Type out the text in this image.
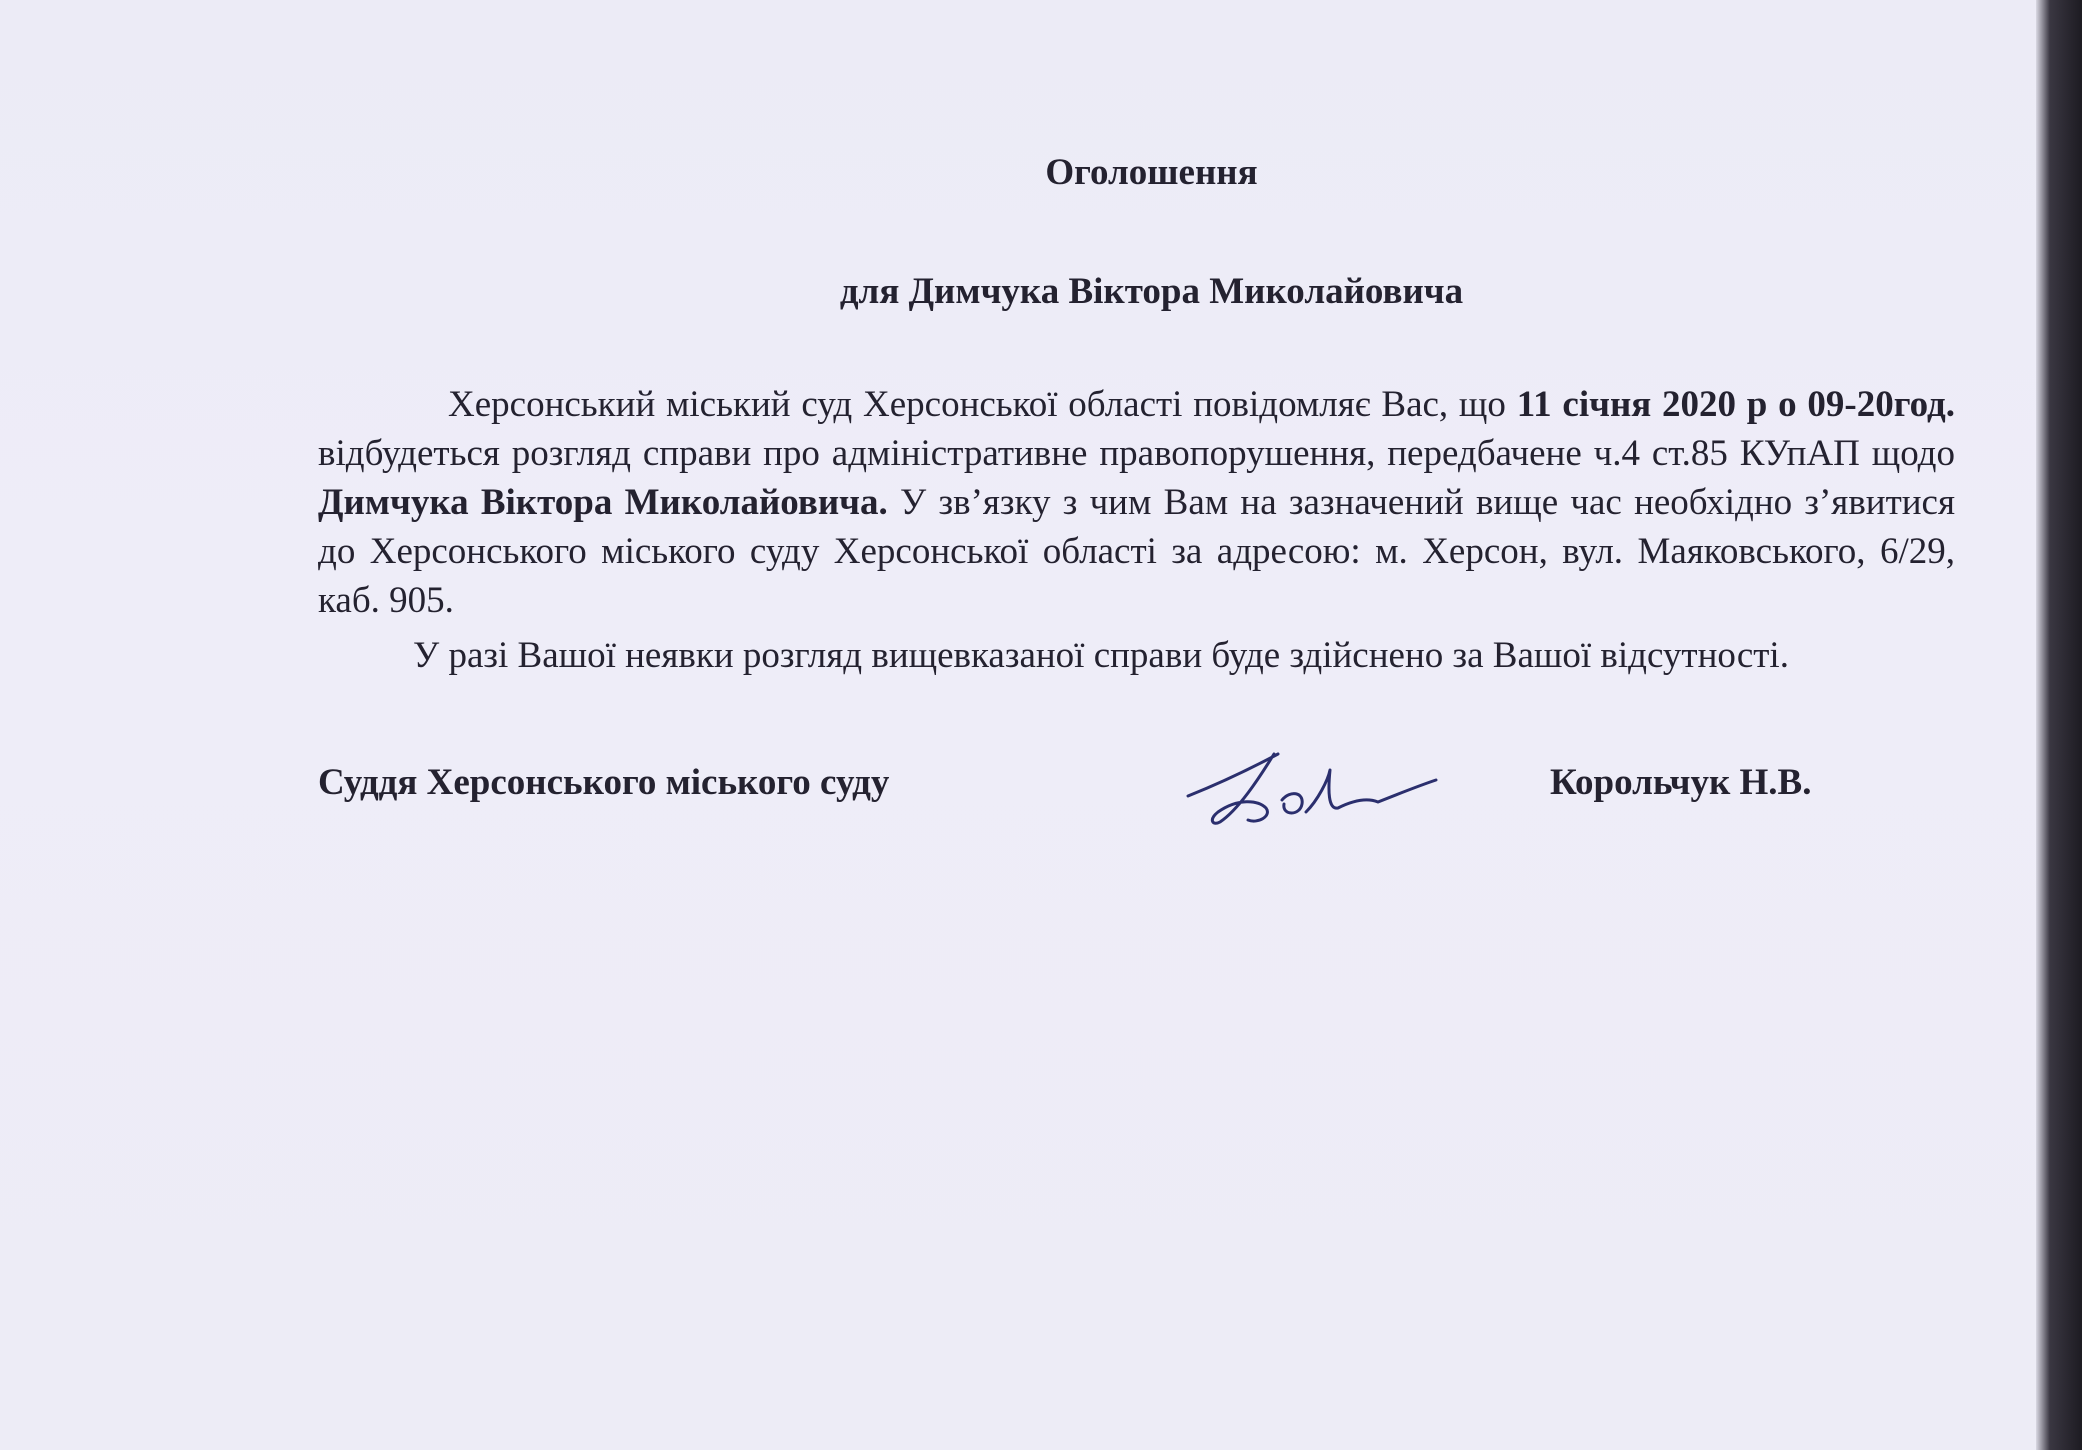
Оголошення
для Димчука Віктора Миколайовича

Херсонський міський суд Херсонської області повідомляє Вас, що 11 січня 2020 р о 09-20год. відбудеться розгляд справи про адміністративне правопорушення, передбачене ч.4 ст.85 КУпАП щодо Димчука Віктора Миколайовича. У зв’язку з чим Вам на зазначений вище час необхідно з’явитися до Херсонського міського суду Херсонської області за адресою: м. Херсон, вул. Маяковського, 6/29, каб. 905.

У разі Вашої неявки розгляд вищевказаної справи буде здійснено за Вашої відсутності.

Суддя Херсонського міського суду	Корольчук Н.В.
